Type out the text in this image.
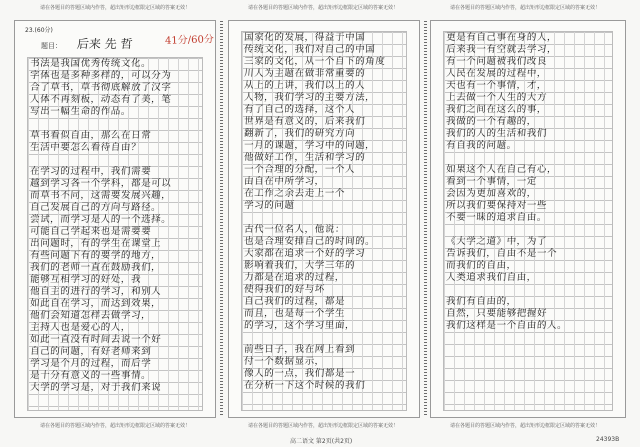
请在各题目的答题区域内作答，超出矩形边框限定区域的答案无效！	请在各题目的答题区域内作答，超出矩形边框限定区域的答案无效！	请在各题目的答题区域内作答，超出矩形边框限定区域的答案无效！
23.(60分)
题目： 后来 先 哲	41分/60分
书法是我国优秀传统文化。
字体也是多种多样的，可以分为
合了草书，草书彻底解放了汉字
人体不再刻板，动态有了美，笔
写出一幅生命的作品。
草书看似自由，那么在日常
生活中要怎么看待自由？
在学习的过程中，我们需要
越到学习各一个学科，都是可以
而草书不同，这需要发展兴趣，
自己发展自己的方向与路径。
尝试，而学习是人的一个选择。
可能自己学起来也是需要要
出问题时，有的学生在课堂上
有些问题下有的要学的地方，
我们的老师一直在鼓励我们，
能够互相学习的好处，我
他自主的进行的学习，和别人
如此自在学习，而达到效果，
他们会知道怎样去做学习，
主持人也是爱心的人，
如此一直没有时间去说一个好
自己的问题，有好老师来到
学习是个月的过程，而后学
是十分有意义的一些事情。
大学的学习是，对于我们来说
国家化的发展，得益于中国
传统文化，我们对自己的中国
三家的文化，从一个自下的角度
川人为主题在做非常重要的
从上的上讲，我们以上的人
人物，我们学习的主要方法，
有了自己的选择，这个人
世界是有意义的，后来我们
翻新了，我们的研究方向
一月的课题，学习中的问题，
他做好工作，生活和学习的
一个合理的分配，一个人
由自在中所学习，
在工作之余去走上一个
学习的问题
古代一位名人，他说：
也是合理安排自己的时间的。
大家都在追求一个好的学习
影响着我们，大学三年的
力都是在追求的过程，
使得我们的好与坏
自己我们的过程，都是
而且，也是每一个学生
的学习，这个学习里面，
前些日子，我在网上看到
付一个数据显示，
像人的一点，我们都是一
在分析一下这个时候的我们
更是有自己事在身的人，
后来我一有空就去学习，
有一个问题被我们改良
人民在发展的过程中，
天也有一个事情，才，
上去做一个人生的大方
我们之间在这么的事，
我做的一个有趣的，
我们的人的生活和我们
有自我的问题。
如果这个人在自己有心，
看到一个事情，一定
会因为更加喜欢的，
所以我们要保持对一些
不要一昧的追求自由。
《大学之道》中，为了
告诉我们，自由不是一个
而我们的自由，
人类追求我们自由，
我们有自由的，
自然，只要能够把握好
我们这样是一个自由的人。
请在各题目的答题区域内作答，超出矩形边框限定区域的答案无效！	请在各题目的答题区域内作答，超出矩形边框限定区域的答案无效！	请在各题目的答题区域内作答，超出矩形边框限定区域的答案无效！
高二语文 第2页(共2页)	24393B
